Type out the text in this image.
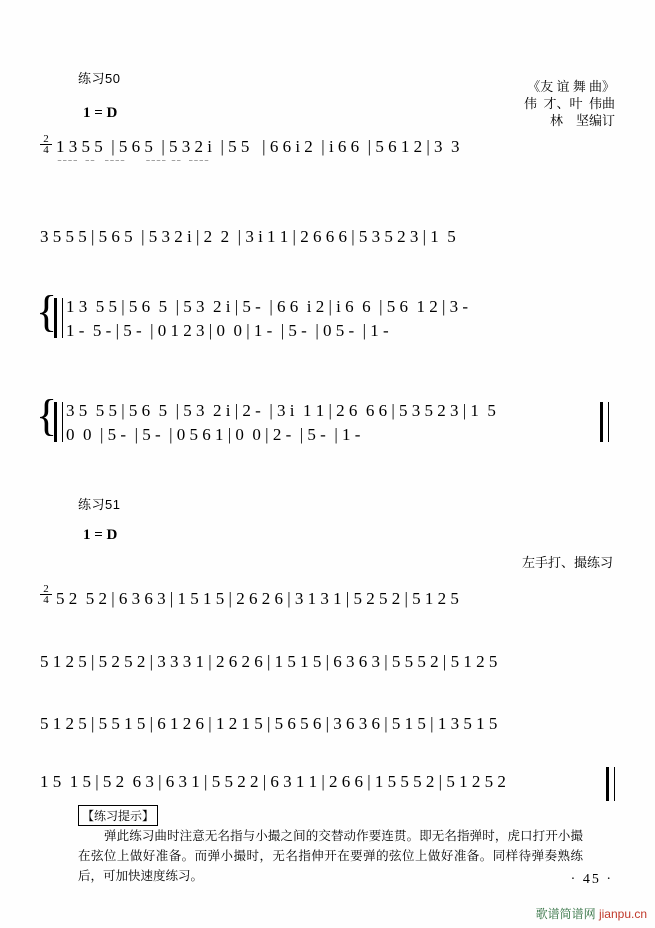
练习50
1 = D
《友 谊 舞 曲》
伟  才、叶  伟曲
林    坚编订
2
4 1 3 5 5  | 5 6 5  | 5 3 2 i  | 5 5   | 6 6 i 2  | i 6 6  | 5 6 1 2 | 3  3
‾ ‾ ‾ ‾    ‾ ‾     ‾ ‾ ‾ ‾          ‾ ‾ ‾ ‾   ‾ ‾    ‾ ‾ ‾ ‾
3 5 5 5 | 5 6 5  | 5 3 2 i | 2  2  | 3 i 1 1 | 2 6 6 6 | 5 3 5 2 3 | 1  5
{ 1 3  5 5 | 5 6  5  | 5 3  2 i | 5 -  | 6 6  i 2 | i 6  6  | 5 6  1 2 | 3 -
1 -  5 - | 5 -  | 0 1 2 3 | 0  0 | 1 -  | 5 -  | 0 5 -  | 1 -
{ 3 5  5 5 | 5 6  5  | 5 3  2 i | 2 -  | 3 i  1 1 | 2 6  6 6 | 5 3 5 2 3 | 1  5
0  0  | 5 -  | 5 -  | 0 5 6 1 | 0  0 | 2 -  | 5 -  | 1 -
练习51
1 = D
左手打、撮练习
2
4 5 2  5 2 | 6 3 6 3 | 1 5 1 5 | 2 6 2 6 | 3 1 3 1 | 5 2 5 2 | 5 1 2 5
5 1 2 5 | 5 2 5 2 | 3 3 3 1 | 2 6 2 6 | 1 5 1 5 | 6 3 6 3 | 5 5 5 2 | 5 1 2 5
5 1 2 5 | 5 5 1 5 | 6 1 2 6 | 1 2 1 5 | 5 6 5 6 | 3 6 3 6 | 5 1 5 | 1 3 5 1 5
1 5  1 5 | 5 2  6 3 | 6 3 1 | 5 5 2 2 | 6 3 1 1 | 2 6 6 | 1 5 5 5 2 | 5 1 2 5 2
【练习提示】
弹此练习曲时注意无名指与小撮之间的交替动作要连贯。即无名指弹时，虎口打开小撮在弦位上做好准备。而弹小撮时，无名指伸开在要弹的弦位上做好准备。同样待弹奏熟练后，可加快速度练习。	· 45 ·
歌谱简谱网 jianpu.cn
